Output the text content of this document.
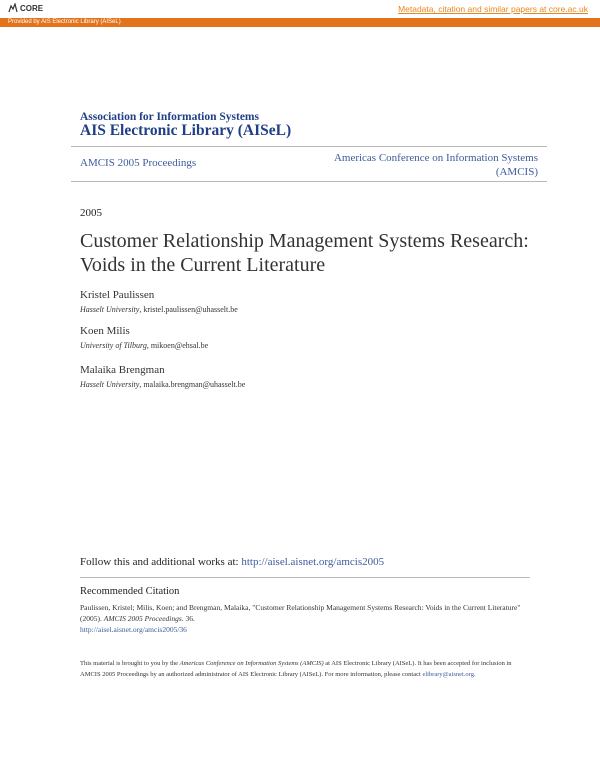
CORE	Metadata, citation and similar papers at core.ac.uk
Provided by AIS Electronic Library (AISeL)
Association for Information Systems
AIS Electronic Library (AISeL)
AMCIS 2005 Proceedings	Americas Conference on Information Systems (AMCIS)
2005
Customer Relationship Management Systems Research: Voids in the Current Literature
Kristel Paulissen
Hasselt University, kristel.paulissen@uhasselt.be
Koen Milis
University of Tilburg, mikoen@ehsal.be
Malaika Brengman
Hasselt University, malaika.brengman@uhasselt.be
Follow this and additional works at: http://aisel.aisnet.org/amcis2005
Recommended Citation
Paulissen, Kristel; Milis, Koen; and Brengman, Malaika, "Customer Relationship Management Systems Research: Voids in the Current Literature" (2005). AMCIS 2005 Proceedings. 36.
http://aisel.aisnet.org/amcis2005/36
This material is brought to you by the Americas Conference on Information Systems (AMCIS) at AIS Electronic Library (AISeL). It has been accepted for inclusion in AMCIS 2005 Proceedings by an authorized administrator of AIS Electronic Library (AISeL). For more information, please contact elibrary@aisnet.org.
